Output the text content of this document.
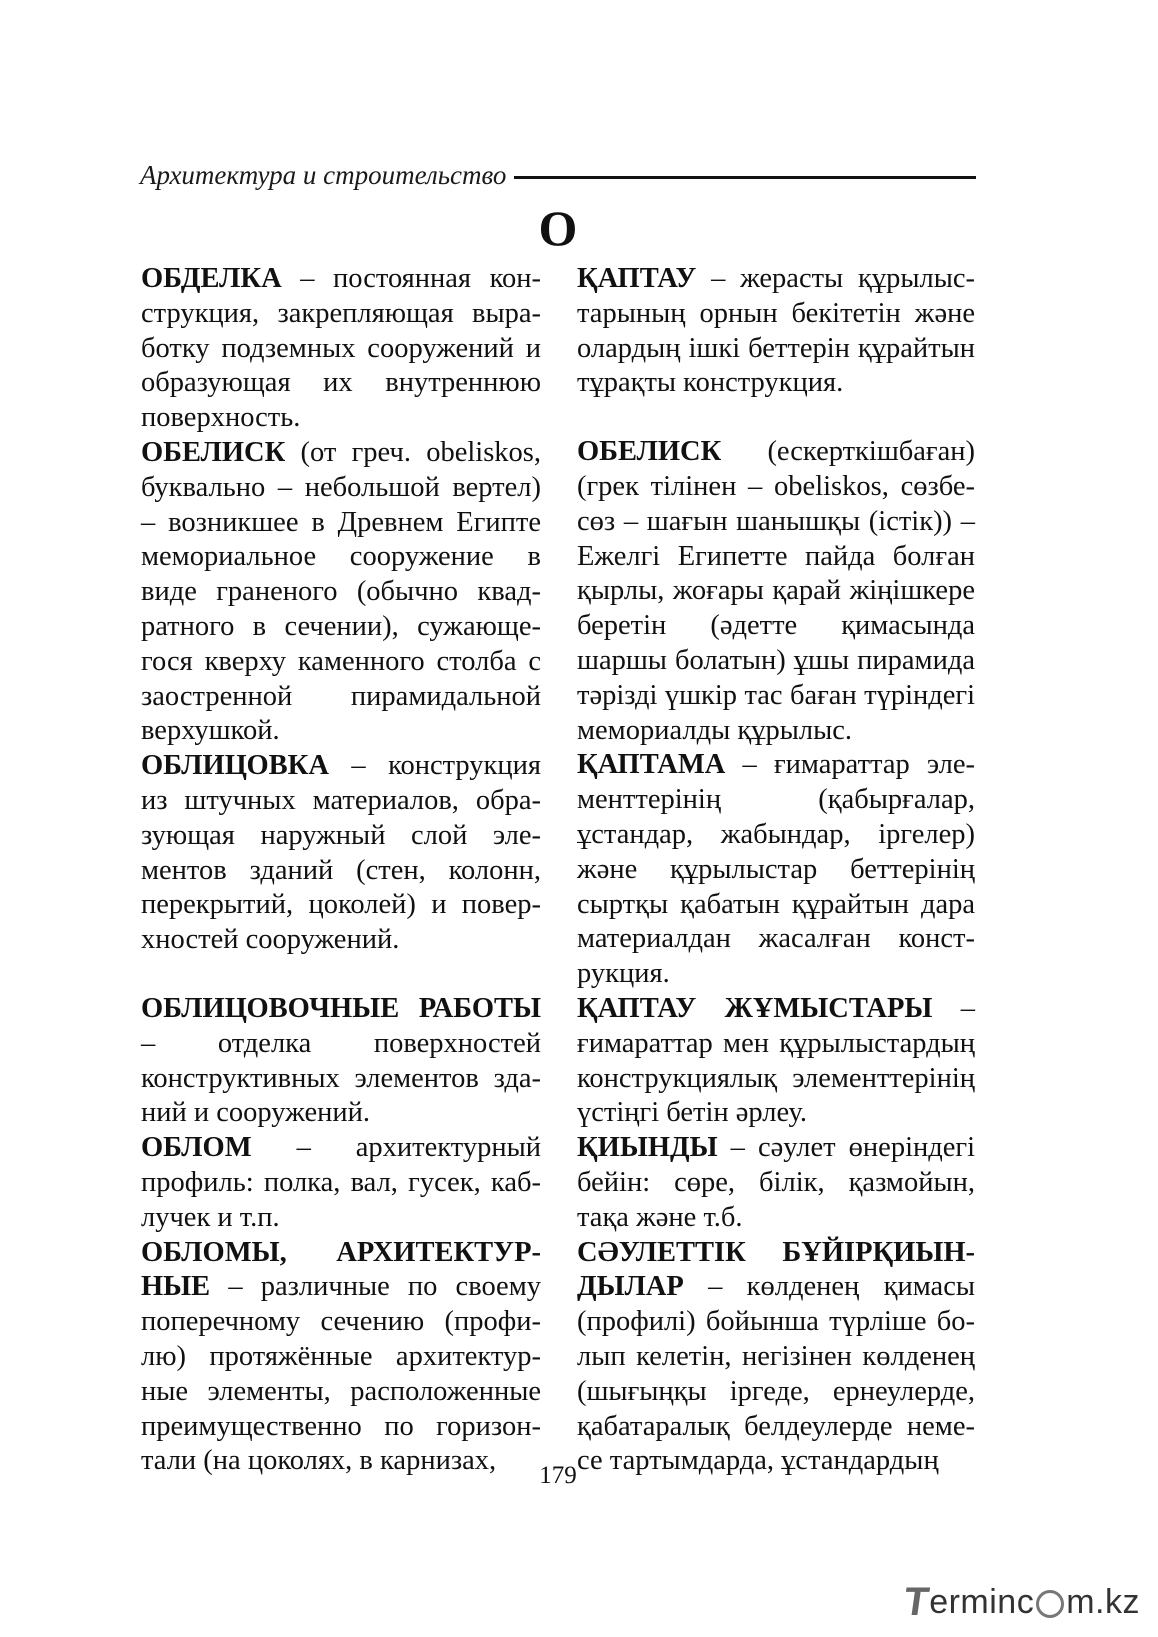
Архитектура и строительство
О

ОБДЕЛКА – постоянная конструкция, закрепляющая выработку подземных сооружений и образующая их внутреннюю поверхность.

ОБЕЛИСК (от греч. obeliskos, буквально – небольшой вертел) – возникшее в Древнем Египте мемориальное сооружение в виде граненого (обычно квадратного в сечении), сужающегося кверху каменного столба с заостренной пирамидальной верхушкой.

ОБЛИЦОВКА – конструкция из штучных материалов, образующая наружный слой элементов зданий (стен, колонн, перекрытий, цоколей) и поверхностей сооружений.

ОБЛИЦОВОЧНЫЕ РАБОТЫ – отделка поверхностей конструктивных элементов зданий и сооружений.

ОБЛОМ – архитектурный профиль: полка, вал, гусек, каблучек и т.п.

ОБЛОМЫ, АРХИТЕКТУРНЫЕ – различные по своему поперечному сечению (профилю) протяжённые архитектурные элементы, расположенные преимущественно по горизонтали (на цоколях, в карнизах,

ҚАПТАУ – жерасты құрылыстарының орнын бекітетін және олардың ішкі беттерін құрайтын тұрақты конструкция.

ОБЕЛИСК (ескерткішбаған) (грек тілінен – obeliskos, сөзбе-сөз – шағын шанышқы (істік)) – Ежелгі Египетте пайда болған қырлы, жоғары қарай жіңішкере беретін (әдетте қимасында шаршы болатын) ұшы пирамида тәрізді үшкір тас баған түріндегі мемориалды құрылыс.

ҚАПТАМА – ғимараттар элементтерінің (қабырғалар, ұстандар, жабындар, іргелер) және құрылыстар беттерінің сыртқы қабатын құрайтын дара материалдан жасалған конструкция.

ҚАПТАУ ЖҰМЫСТАРЫ – ғимараттар мен құрылыстардың конструкциялық элементтерінің үстіңгі бетін әрлеу.

ҚИЫНДЫ – сәулет өнеріндегі бейін: сөре, білік, қазмойын, тақа және т.б.

СӘУЛЕТТІК БҰЙІРҚИЫНДЫЛАР – көлденең қимасы (профилі) бойынша түрліше болып келетін, негізінен көлденең (шығыңқы іргеде, ернеулерде, қабатаралық белдеулерде немесе тартымдарда, ұстандардың

179
T
erminc m.kz
